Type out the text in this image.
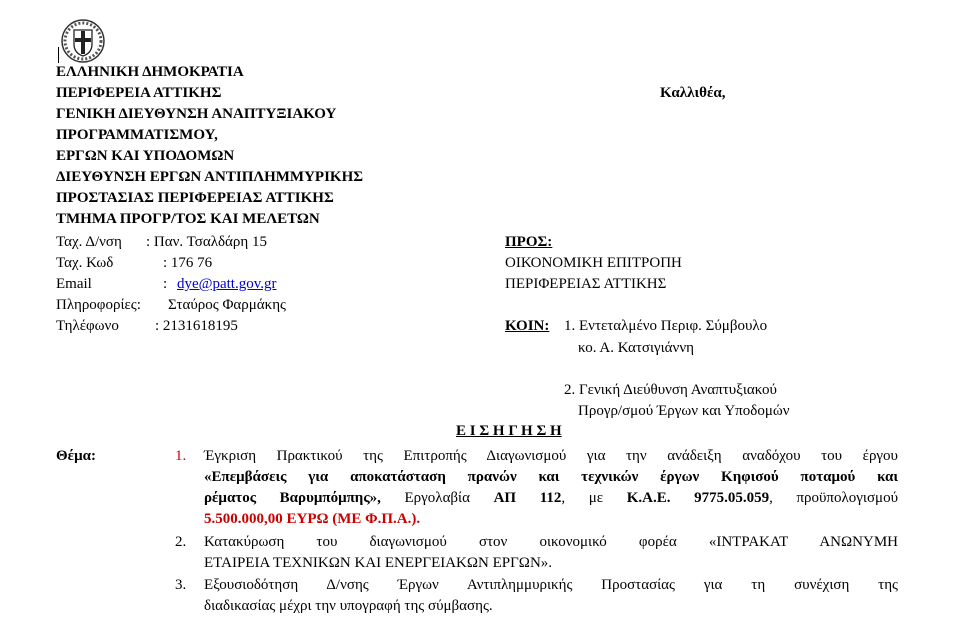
ΕΛΛΗΝΙΚΗ ΔΗΜΟΚΡΑΤΙΑ
ΠΕΡΙΦΕΡΕΙΑ ΑΤΤΙΚΗΣ
ΓΕΝΙΚΗ ΔΙΕΥΘΥΝΣΗ ΑΝΑΠΤΥΞΙΑΚΟΥ
ΠΡΟΓΡΑΜΜΑΤΙΣΜΟΥ,
ΕΡΓΩΝ ΚΑΙ ΥΠΟΔΟΜΩΝ
ΔΙΕΥΘΥΝΣΗ ΕΡΓΩΝ ΑΝΤΙΠΛΗΜΜΥΡΙΚΗΣ
ΠΡΟΣΤΑΣΙΑΣ ΠΕΡΙΦΕΡΕΙΑΣ ΑΤΤΙΚΗΣ
ΤΜΗΜΑ ΠΡΟΓΡ/ΤΟΣ ΚΑΙ ΜΕΛΕΤΩΝ
Καλλιθέα,
Ταχ. Δ/νση : Παν. Τσαλδάρη 15
Ταχ. Κωδ	: 176 76
Email	: dye@patt.gov.gr
Πληροφορίες: Σταύρος Φαρμάκης
Τηλέφωνο : 2131618195
ΠΡΟΣ:
ΟΙΚΟΝΟΜΙΚΗ ΕΠΙΤΡΟΠΗ
ΠΕΡΙΦΕΡΕΙΑΣ ΑΤΤΙΚΗΣ
ΚΟΙΝ: 1. Εντεταλμένο Περιφ. Σύμβουλο
κο. Α. Κατσιγιάννη
2. Γενική Διεύθυνση Αναπτυξιακού
Προγρ/σμού Έργων και Υποδομών
Ε Ι Σ Η Γ Η Σ Η
Θέμα:	1. Έγκριση Πρακτικού της Επιτροπής Διαγωνισμού για την ανάδειξη αναδόχου του έργου
«Επεμβάσεις για αποκατάσταση πρανών και τεχνικών έργων Κηφισού ποταμού και
ρέματος Βαρυμπόμπης», Εργολαβία ΑΠ 112, με Κ.Α.Ε. 9775.05.059, προϋπολογισμού
5.500.000,00 ΕΥΡΩ (ΜΕ Φ.Π.Α.).
2. Κατακύρωση του διαγωνισμού στον οικονομικό φορέα «ΙΝΤΡΑΚΑΤ ΑΝΩΝΥΜΗ
ΕΤΑΙΡΕΙΑ ΤΕΧΝΙΚΩΝ ΚΑΙ ΕΝΕΡΓΕΙΑΚΩΝ ΕΡΓΩΝ».
3. Εξουσιοδότηση Δ/νσης Έργων Αντιπλημμυρικής Προστασίας για τη συνέχιση της
διαδικασίας μέχρι την υπογραφή της σύμβασης.
